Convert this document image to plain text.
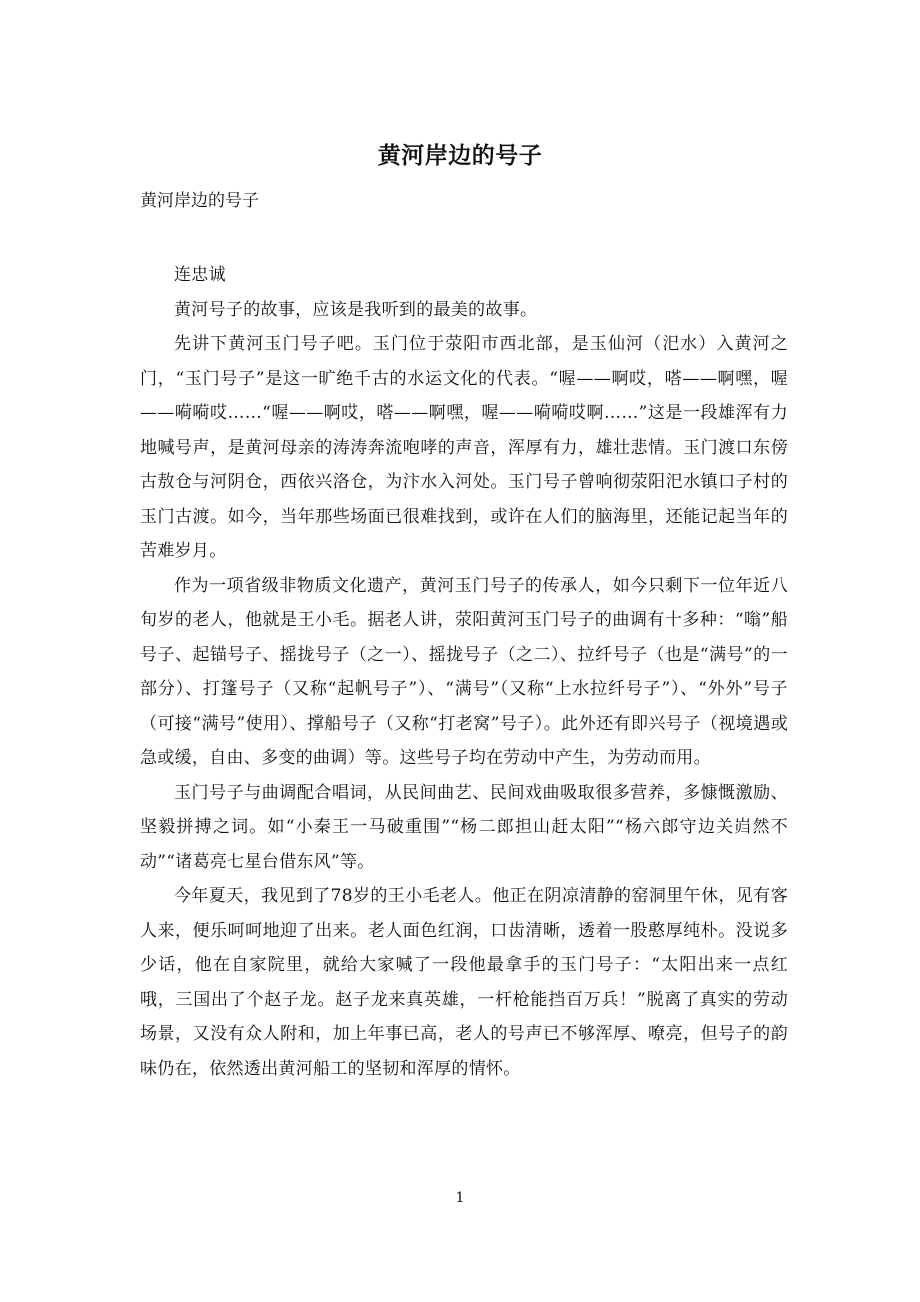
黄河岸边的号子
黄河岸边的号子

连忠诚

黄河号子的故事，应该是我听到的最美的故事。

先讲下黄河玉门号子吧。玉门位于荥阳市西北部，是玉仙河（汜水）入黄河之门，“玉门号子”是这一旷绝千古的水运文化的代表。“喔——啊哎，嗒——啊嘿，喔——嗬嗬哎……“喔——啊哎，嗒——啊嘿，喔——嗬嗬哎啊……”这是一段雄浑有力地喊号声，是黄河母亲的涛涛奔流咆哮的声音，浑厚有力，雄壮悲情。玉门渡口东傍古敖仓与河阴仓，西依兴洛仓，为汴水入河处。玉门号子曾响彻荥阳汜水镇口子村的玉门古渡。如今，当年那些场面已很难找到，或许在人们的脑海里，还能记起当年的苦难岁月。

作为一项省级非物质文化遗产，黄河玉门号子的传承人，如今只剩下一位年近八旬岁的老人，他就是王小毛。据老人讲，荥阳黄河玉门号子的曲调有十多种：“嗡”船号子、起锚号子、摇拢号子（之一）、摇拢号子（之二）、拉纤号子（也是“满号”的一部分）、打篷号子（又称“起帆号子”）、“满号”（又称“上水拉纤号子”）、“外外”号子（可接“满号”使用）、撑船号子（又称“打老窝”号子）。此外还有即兴号子（视境遇或急或缓，自由、多变的曲调）等。这些号子均在劳动中产生，为劳动而用。

玉门号子与曲调配合唱词，从民间曲艺、民间戏曲吸取很多营养，多慷慨激励、坚毅拼搏之词。如“小秦王一马破重围”“杨二郎担山赶太阳”“杨六郎守边关岿然不动”“诸葛亮七星台借东风”等。

今年夏天，我见到了78岁的王小毛老人。他正在阴凉清静的窑洞里午休，见有客人来，便乐呵呵地迎了出来。老人面色红润，口齿清晰，透着一股憨厚纯朴。没说多少话，他在自家院里，就给大家喊了一段他最拿手的玉门号子：“太阳出来一点红哦，三国出了个赵子龙。赵子龙来真英雄，一杆枪能挡百万兵！”脱离了真实的劳动场景，又没有众人附和，加上年事已高，老人的号声已不够浑厚、嘹亮，但号子的韵味仍在，依然透出黄河船工的坚韧和浑厚的情怀。

1
